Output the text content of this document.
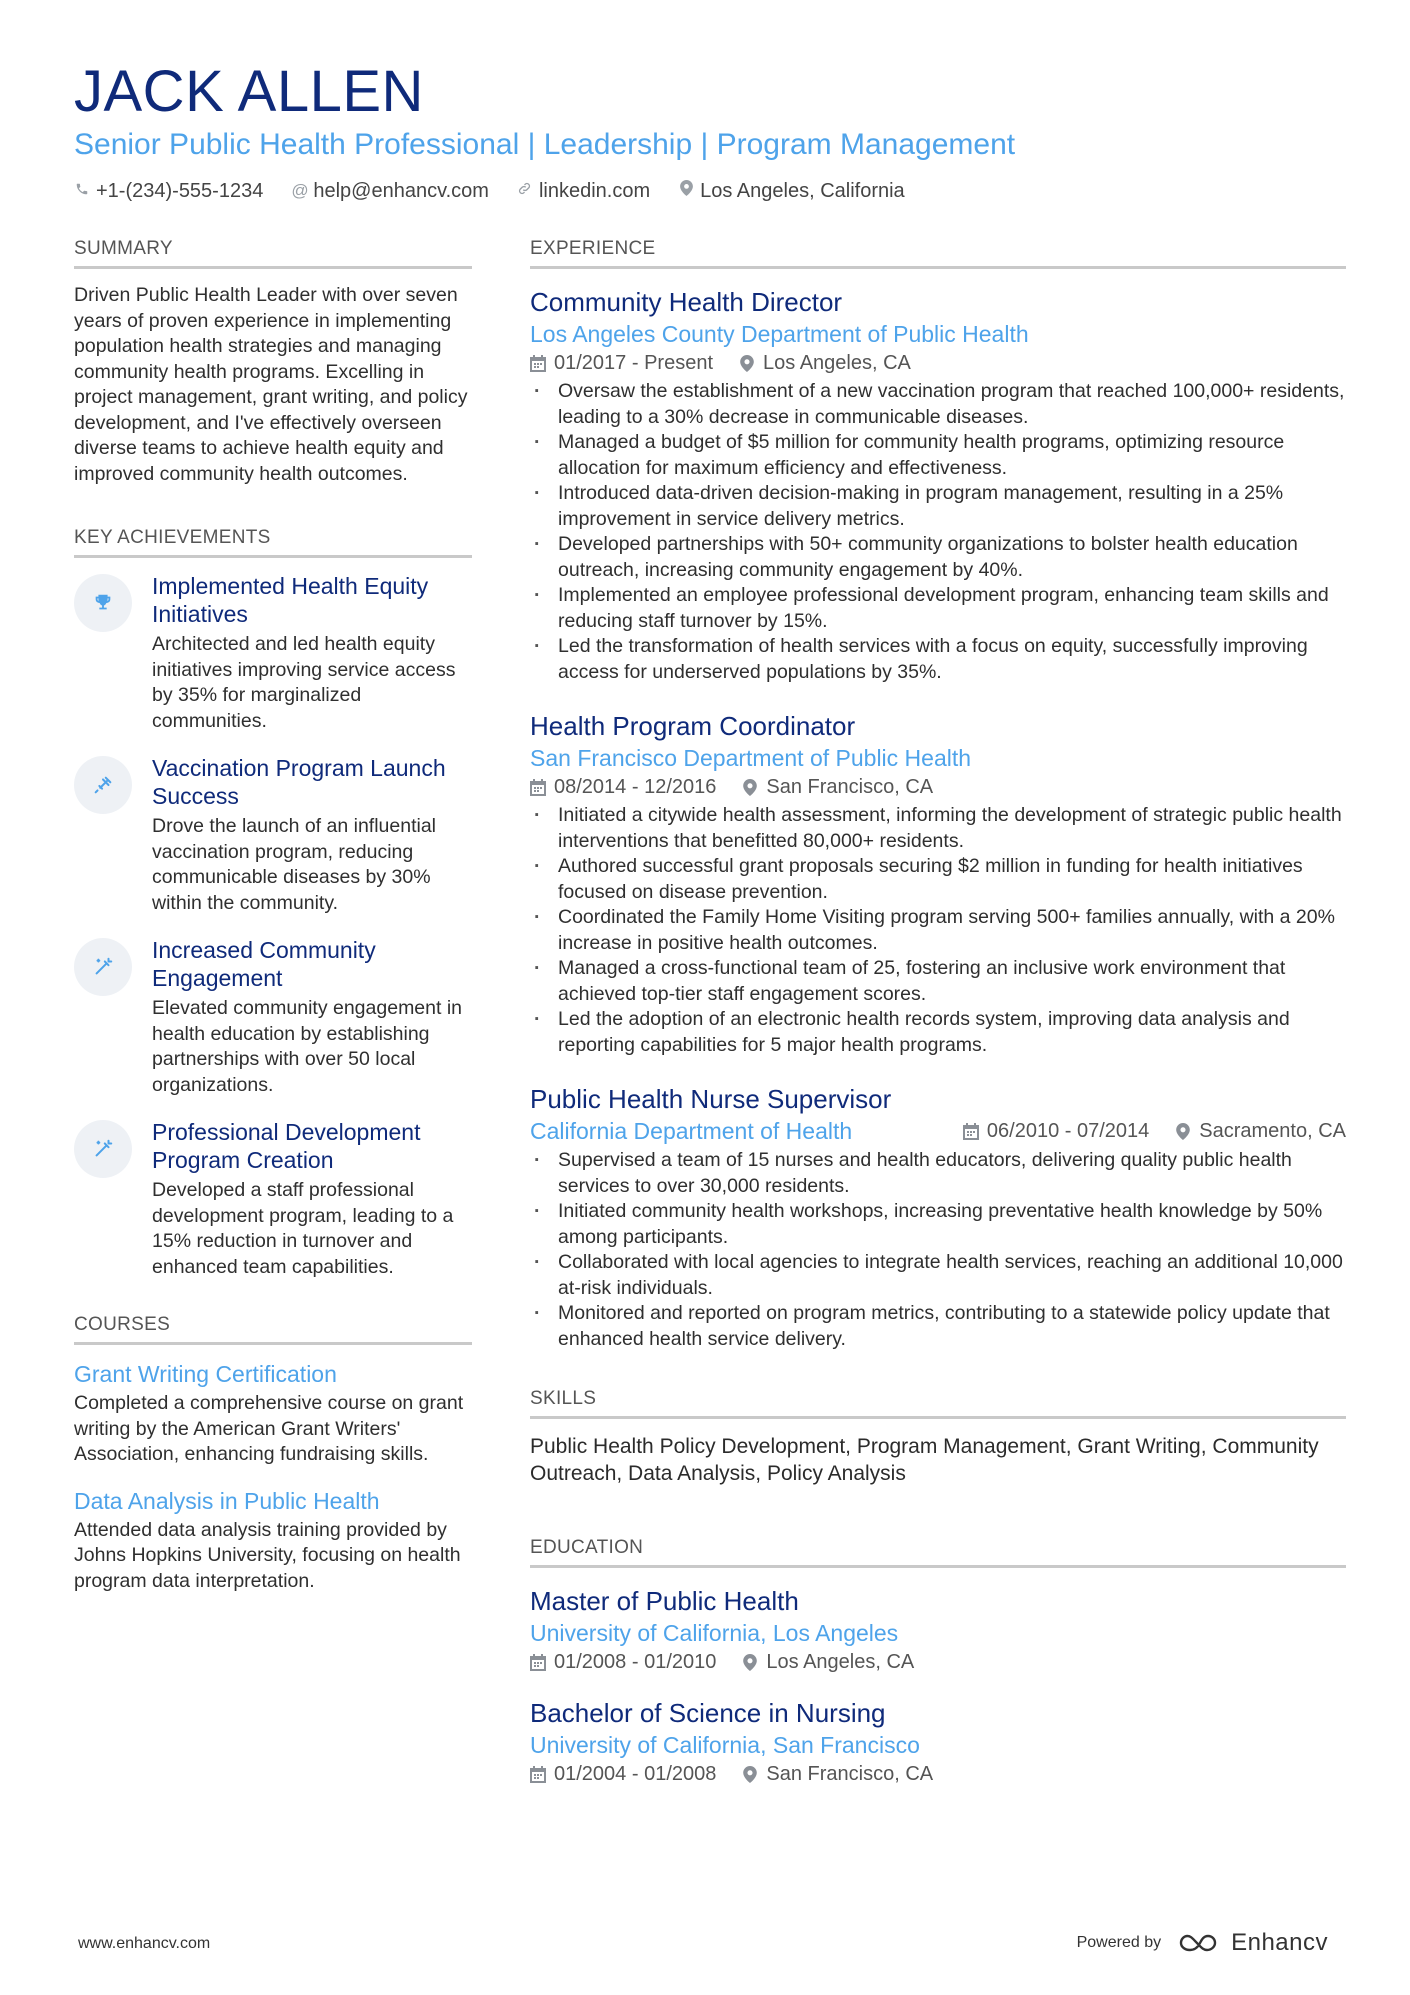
JACK ALLEN
Senior Public Health Professional | Leadership | Program Management
+1-(234)-555-1234 @ help@enhancv.com	linkedin.com	Los Angeles, California
SUMMARY
Driven Public Health Leader with over seven years of proven experience in implementing population health strategies and managing community health programs. Excelling in project management, grant writing, and policy development, and I've effectively overseen diverse teams to achieve health equity and improved community health outcomes.
KEY ACHIEVEMENTS
Implemented Health Equity Initiatives
Architected and led health equity initiatives improving service access by 35% for marginalized communities.
Vaccination Program Launch Success
Drove the launch of an influential vaccination program, reducing communicable diseases by 30% within the community.
Increased Community Engagement
Elevated community engagement in health education by establishing partnerships with over 50 local organizations.
Professional Development Program Creation
Developed a staff professional development program, leading to a 15% reduction in turnover and enhanced team capabilities.
COURSES
Grant Writing Certification
Completed a comprehensive course on grant writing by the American Grant Writers' Association, enhancing fundraising skills.
Data Analysis in Public Health
Attended data analysis training provided by Johns Hopkins University, focusing on health program data interpretation.
EXPERIENCE
Community Health Director
Los Angeles County Department of Public Health
01/2017 - Present	Los Angeles, CA
· Oversaw the establishment of a new vaccination program that reached 100,000+ residents, leading to a 30% decrease in communicable diseases.
· Managed a budget of $5 million for community health programs, optimizing resource allocation for maximum efficiency and effectiveness.
· Introduced data-driven decision-making in program management, resulting in a 25% improvement in service delivery metrics.
· Developed partnerships with 50+ community organizations to bolster health education outreach, increasing community engagement by 40%.
· Implemented an employee professional development program, enhancing team skills and reducing staff turnover by 15%.
· Led the transformation of health services with a focus on equity, successfully improving access for underserved populations by 35%.
Health Program Coordinator
San Francisco Department of Public Health
08/2014 - 12/2016	San Francisco, CA
· Initiated a citywide health assessment, informing the development of strategic public health interventions that benefitted 80,000+ residents.
· Authored successful grant proposals securing $2 million in funding for health initiatives focused on disease prevention.
· Coordinated the Family Home Visiting program serving 500+ families annually, with a 20% increase in positive health outcomes.
· Managed a cross-functional team of 25, fostering an inclusive work environment that achieved top-tier staff engagement scores.
· Led the adoption of an electronic health records system, improving data analysis and reporting capabilities for 5 major health programs.
Public Health Nurse Supervisor
California Department of Health	06/2010 - 07/2014	Sacramento, CA
· Supervised a team of 15 nurses and health educators, delivering quality public health services to over 30,000 residents.
· Initiated community health workshops, increasing preventative health knowledge by 50% among participants.
· Collaborated with local agencies to integrate health services, reaching an additional 10,000 at-risk individuals.
· Monitored and reported on program metrics, contributing to a statewide policy update that enhanced health service delivery.
SKILLS
Public Health Policy Development, Program Management, Grant Writing, Community Outreach, Data Analysis, Policy Analysis
EDUCATION
Master of Public Health
University of California, Los Angeles
01/2008 - 01/2010	Los Angeles, CA
Bachelor of Science in Nursing
University of California, San Francisco
01/2004 - 01/2008	San Francisco, CA
www.enhancv.com	Powered by	Enhancv
